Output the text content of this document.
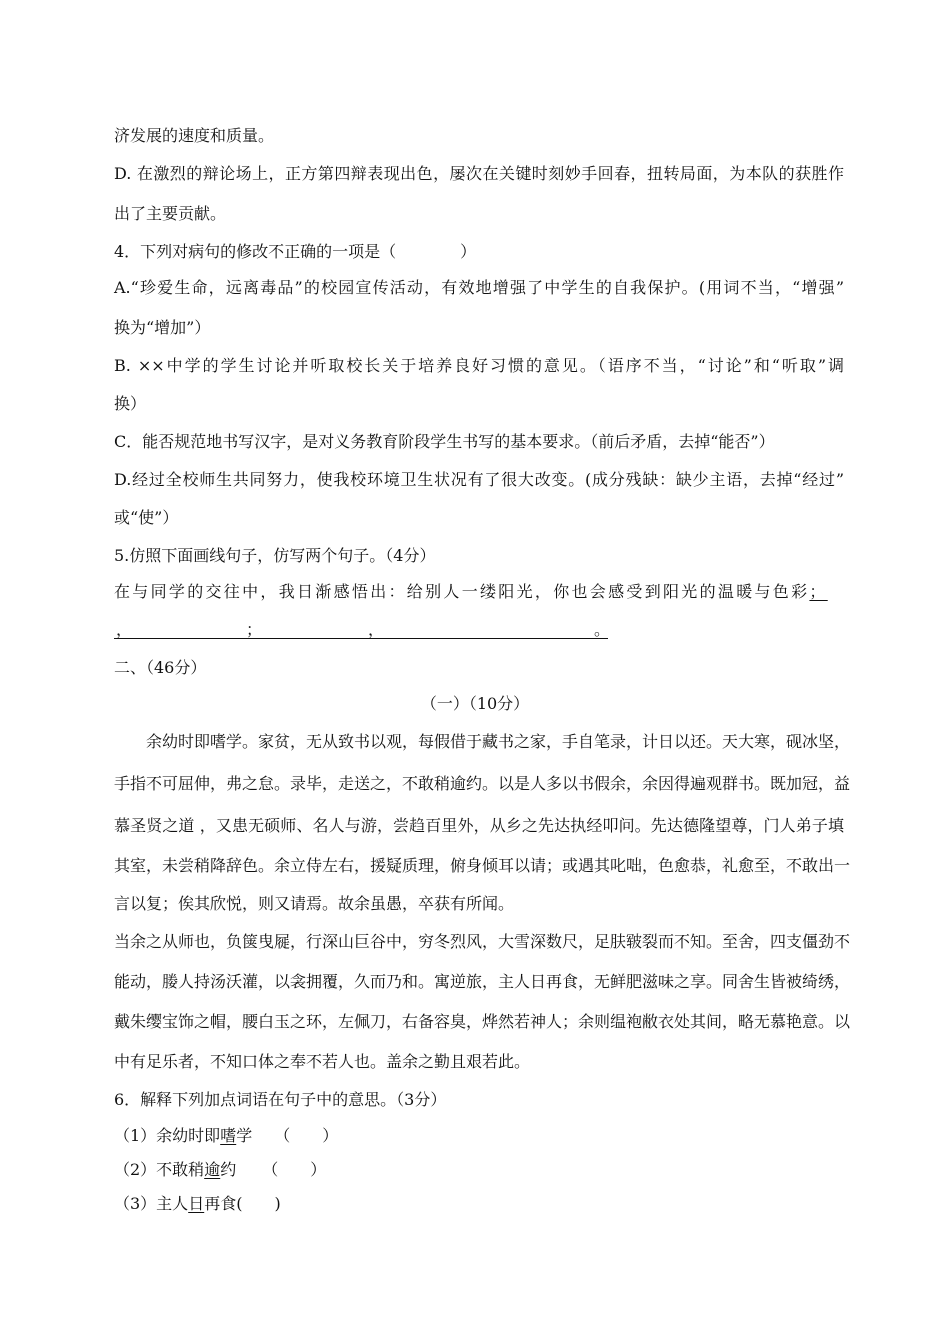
济发展的速度和质量。
D. 在激烈的辩论场上，正方第四辩表现出色，屡次在关键时刻妙手回春，扭转局面，为本队的获胜作
出了主要贡献。
4．下列对病句的修改不正确的一项是（　　　　）
A.“珍爱生命，远离毒品”的校园宣传活动，有效地增强了中学生的自我保护。(用词不当，“增强”
换为“增加”）
B. ××中学的学生讨论并听取校长关于培养良好习惯的意见。（语序不当，“讨论”和“听取”调
换）
C．能否规范地书写汉字，是对义务教育阶段学生书写的基本要求。（前后矛盾，去掉“能否”）
D.经过全校师生共同努力，使我校环境卫生状况有了很大改变。(成分残缺：缺少主语，去掉“经过”
或“使”）
5.仿照下面画线句子，仿写两个句子。（4分）
在与同学的交往中，我日渐感悟出：给别人一缕阳光，你也会感受到阳光的温暖与色彩；
，	；	，	。
二、（46分）
（一）（10分）
余幼时即嗜学。家贫，无从致书以观，每假借于藏书之家，手自笔录，计日以还。天大寒，砚冰坚，
手指不可屈伸，弗之怠。录毕，走送之，不敢稍逾约。以是人多以书假余，余因得遍观群书。既加冠，益
慕圣贤之道 ，又患无硕师、名人与游，尝趋百里外，从乡之先达执经叩问。先达德隆望尊，门人弟子填
其室，未尝稍降辞色。余立侍左右，援疑质理，俯身倾耳以请；或遇其叱咄，色愈恭，礼愈至，不敢出一
言以复；俟其欣悦，则又请焉。故余虽愚，卒获有所闻。
当余之从师也，负箧曳屣，行深山巨谷中，穷冬烈风，大雪深数尺，足肤皲裂而不知。至舍，四支僵劲不
能动，媵人持汤沃灌，以衾拥覆，久而乃和。寓逆旅，主人日再食，无鲜肥滋味之享。同舍生皆被绮绣，
戴朱缨宝饰之帽，腰白玉之环，左佩刀，右备容臭，烨然若神人；余则缊袍敝衣处其间，略无慕艳意。以
中有足乐者，不知口体之奉不若人也。盖余之勤且艰若此。
6．解释下列加点词语在句子中的意思。（3分）
（1）余幼时即嗜学 （　　）
（2）不敢稍逾约 （　　）
（3）主人日再食(　　)
